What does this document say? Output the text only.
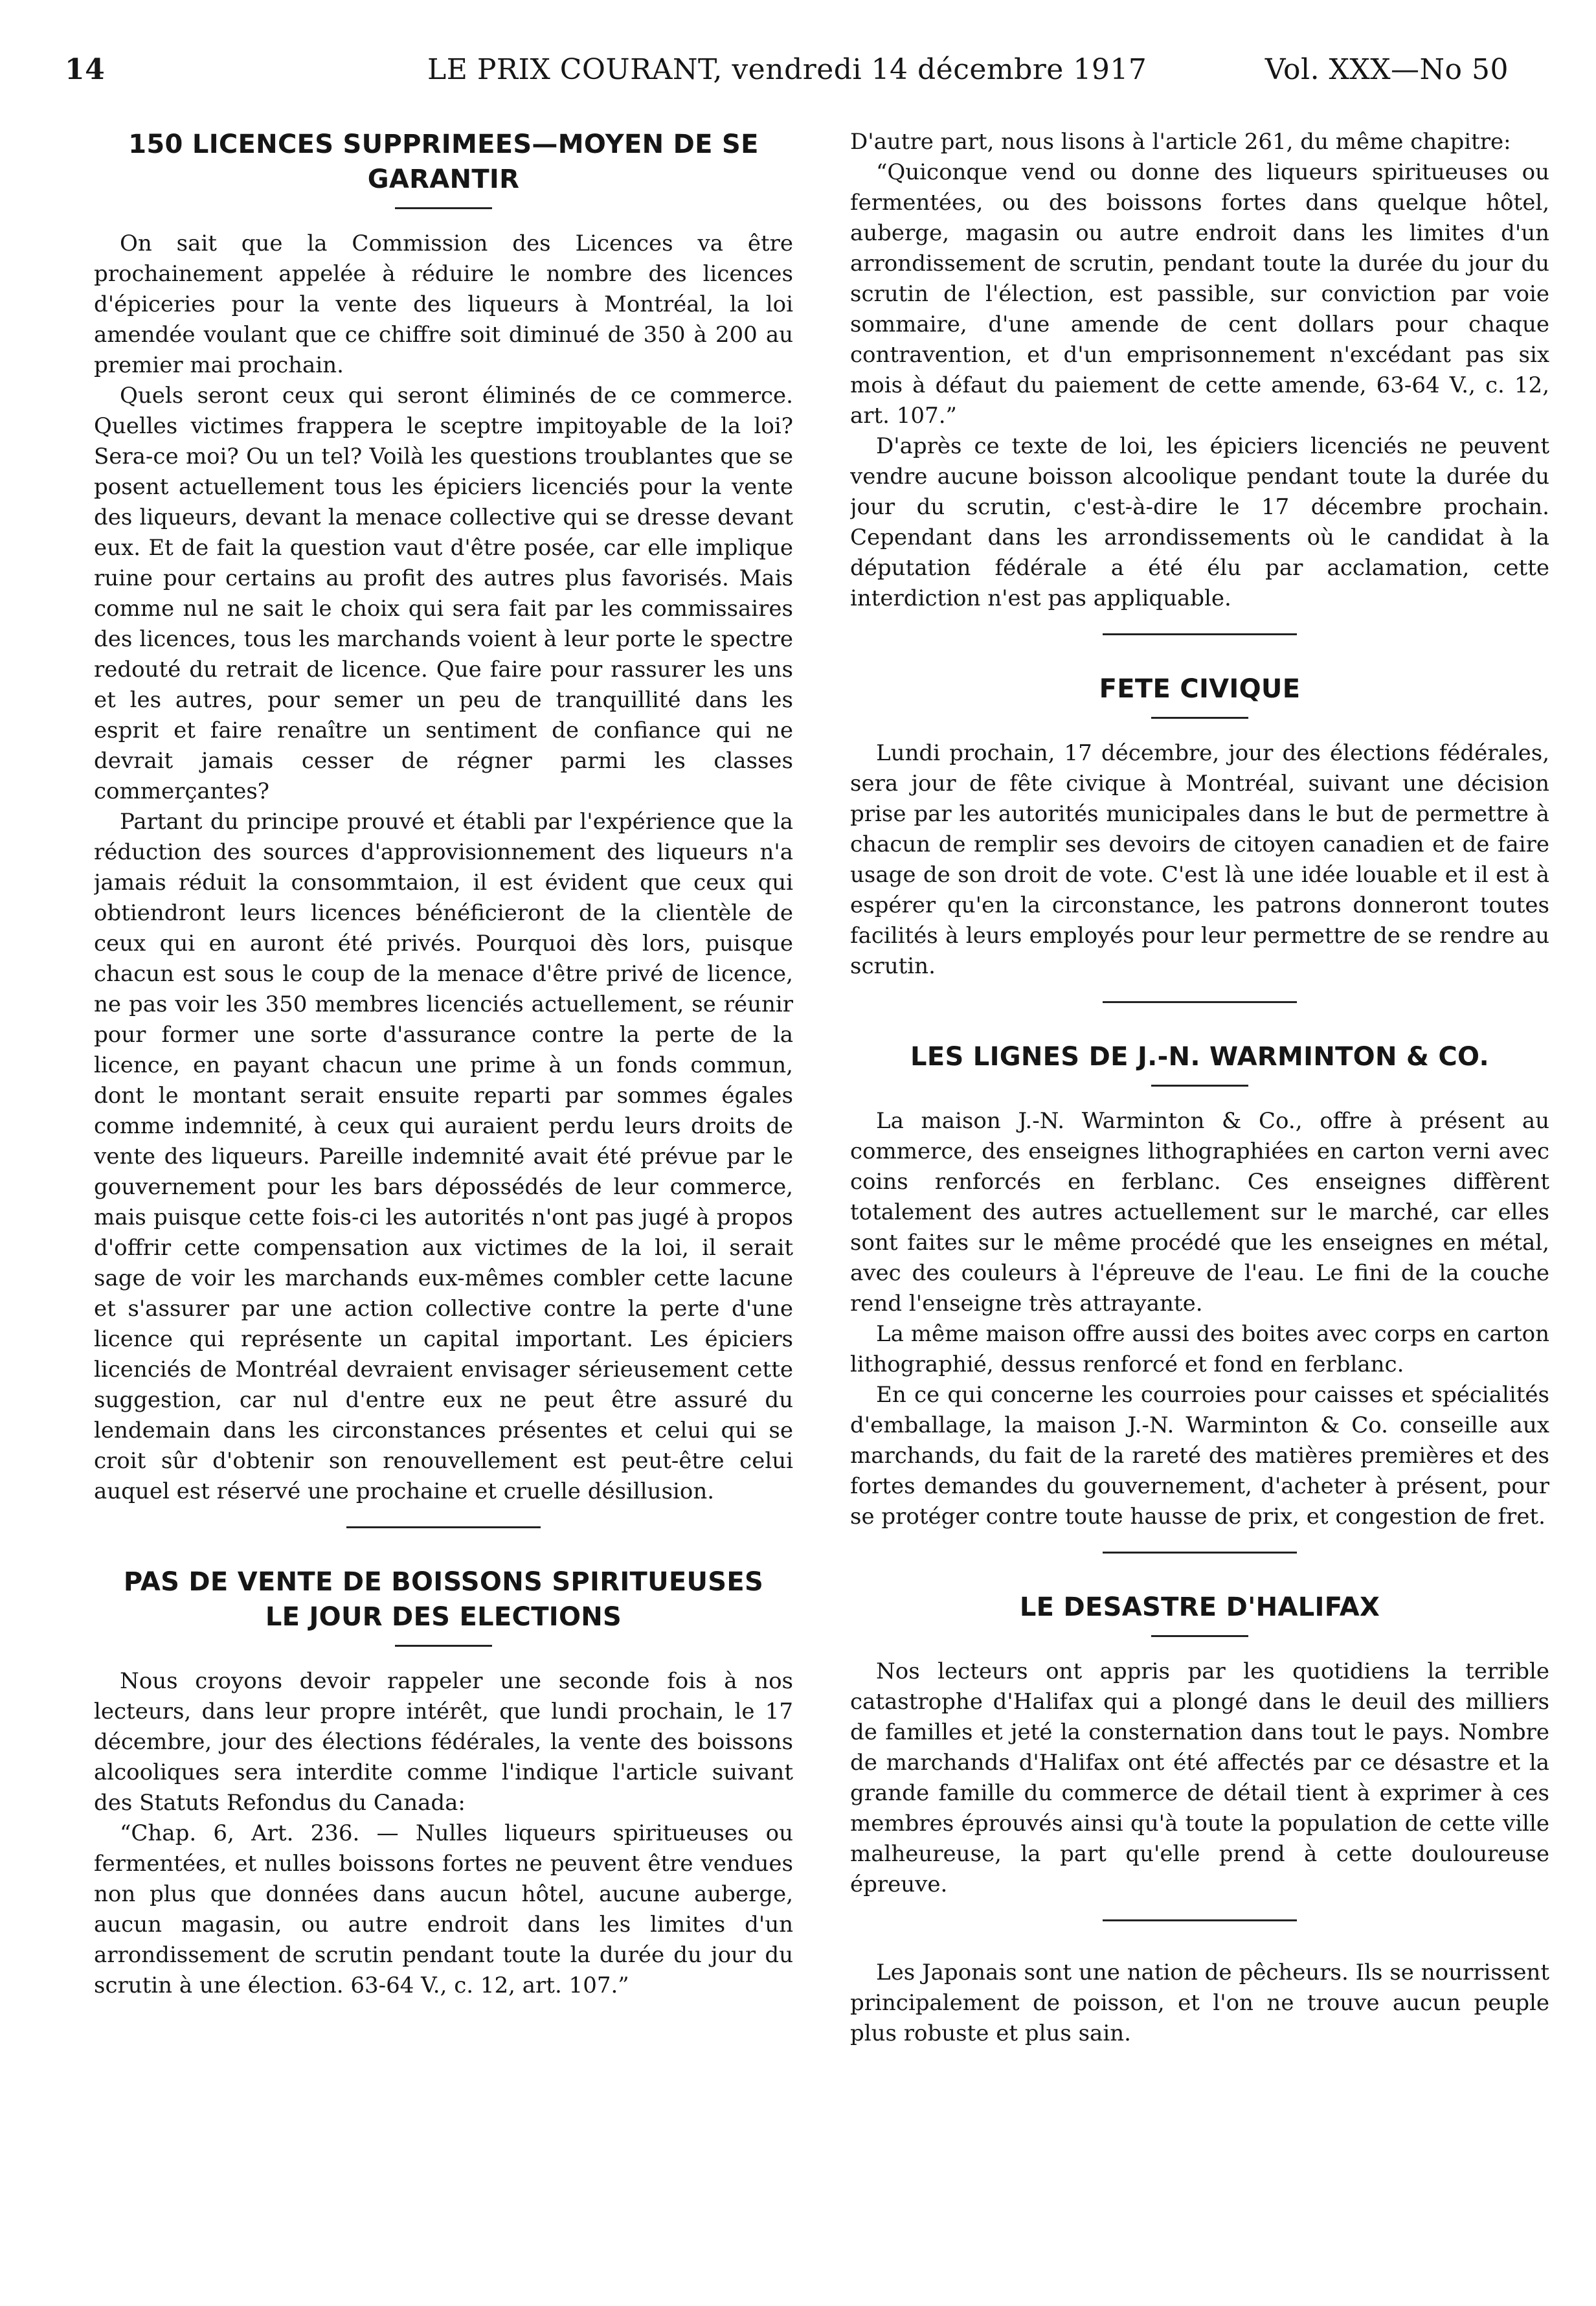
14	LE PRIX COURANT, vendredi 14 décembre 1917	Vol. XXX—No 50
150 LICENCES SUPPRIMEES—MOYEN DE SE
GARANTIR

On sait que la Commission des Licences va être prochainement appelée à réduire le nombre des licences d'épiceries pour la vente des liqueurs à Montréal, la loi amendée voulant que ce chiffre soit diminué de 350 à 200 au premier mai prochain.

Quels seront ceux qui seront éliminés de ce commerce. Quelles victimes frappera le sceptre impitoyable de la loi? Sera-ce moi? Ou un tel? Voilà les questions troublantes que se posent actuellement tous les épiciers licenciés pour la vente des liqueurs, devant la menace collective qui se dresse devant eux. Et de fait la question vaut d'être posée, car elle implique ruine pour certains au profit des autres plus favorisés. Mais comme nul ne sait le choix qui sera fait par les commissaires des licences, tous les marchands voient à leur porte le spectre redouté du retrait de licence. Que faire pour rassurer les uns et les autres, pour semer un peu de tranquillité dans les esprit et faire renaître un sentiment de confiance qui ne devrait jamais cesser de régner parmi les classes commerçantes?

Partant du principe prouvé et établi par l'expérience que la réduction des sources d'approvisionnement des liqueurs n'a jamais réduit la consommtaion, il est évident que ceux qui obtiendront leurs licences bénéficieront de la clientèle de ceux qui en auront été privés. Pourquoi dès lors, puisque chacun est sous le coup de la menace d'être privé de licence, ne pas voir les 350 membres licenciés actuellement, se réunir pour former une sorte d'assurance contre la perte de la licence, en payant chacun une prime à un fonds commun, dont le montant serait ensuite reparti par sommes égales comme indemnité, à ceux qui auraient perdu leurs droits de vente des liqueurs. Pareille indemnité avait été prévue par le gouvernement pour les bars dépossédés de leur commerce, mais puisque cette fois-ci les autorités n'ont pas jugé à propos d'offrir cette compensation aux victimes de la loi, il serait sage de voir les marchands eux-mêmes combler cette lacune et s'assurer par une action collective contre la perte d'une licence qui représente un capital important. Les épiciers licenciés de Montréal devraient envisager sérieusement cette suggestion, car nul d'entre eux ne peut être assuré du lendemain dans les circonstances présentes et celui qui se croit sûr d'obtenir son renouvellement est peut-être celui auquel est réservé une prochaine et cruelle désillusion.

PAS DE VENTE DE BOISSONS SPIRITUEUSES
LE JOUR DES ELECTIONS

Nous croyons devoir rappeler une seconde fois à nos lecteurs, dans leur propre intérêt, que lundi prochain, le 17 décembre, jour des élections fédérales, la vente des boissons alcooliques sera interdite comme l'indique l'article suivant des Statuts Refondus du Canada:

“Chap. 6, Art. 236. — Nulles liqueurs spiritueuses ou fermentées, et nulles boissons fortes ne peuvent être vendues non plus que données dans aucun hôtel, aucune auberge, aucun magasin, ou autre endroit dans les limites d'un arrondissement de scrutin pendant toute la durée du jour du scrutin à une élection. 63-64 V., c. 12, art. 107.”

D'autre part, nous lisons à l'article 261, du même chapitre:

“Quiconque vend ou donne des liqueurs spiritueuses ou fermentées, ou des boissons fortes dans quelque hôtel, auberge, magasin ou autre endroit dans les limites d'un arrondissement de scrutin, pendant toute la durée du jour du scrutin de l'élection, est passible, sur conviction par voie sommaire, d'une amende de cent dollars pour chaque contravention, et d'un emprisonnement n'excédant pas six mois à défaut du paiement de cette amende, 63-64 V., c. 12, art. 107.”

D'après ce texte de loi, les épiciers licenciés ne peuvent vendre aucune boisson alcoolique pendant toute la durée du jour du scrutin, c'est-à-dire le 17 décembre prochain. Cependant dans les arrondissements où le candidat à la députation fédérale a été élu par acclamation, cette interdiction n'est pas appliquable.

FETE CIVIQUE

Lundi prochain, 17 décembre, jour des élections fédérales, sera jour de fête civique à Montréal, suivant une décision prise par les autorités municipales dans le but de permettre à chacun de remplir ses devoirs de citoyen canadien et de faire usage de son droit de vote. C'est là une idée louable et il est à espérer qu'en la circonstance, les patrons donneront toutes facilités à leurs employés pour leur permettre de se rendre au scrutin.

LES LIGNES DE J.-N. WARMINTON & CO.

La maison J.-N. Warminton & Co., offre à présent au commerce, des enseignes lithographiées en carton verni avec coins renforcés en ferblanc. Ces enseignes diffèrent totalement des autres actuellement sur le marché, car elles sont faites sur le même procédé que les enseignes en métal, avec des couleurs à l'épreuve de l'eau. Le fini de la couche rend l'enseigne très attrayante.

La même maison offre aussi des boites avec corps en carton lithographié, dessus renforcé et fond en ferblanc.

En ce qui concerne les courroies pour caisses et spécialités d'emballage, la maison J.-N. Warminton & Co. conseille aux marchands, du fait de la rareté des matières premières et des fortes demandes du gouvernement, d'acheter à présent, pour se protéger contre toute hausse de prix, et congestion de fret.

LE DESASTRE D'HALIFAX

Nos lecteurs ont appris par les quotidiens la terrible catastrophe d'Halifax qui a plongé dans le deuil des milliers de familles et jeté la consternation dans tout le pays. Nombre de marchands d'Halifax ont été affectés par ce désastre et la grande famille du commerce de détail tient à exprimer à ces membres éprouvés ainsi qu'à toute la population de cette ville malheureuse, la part qu'elle prend à cette douloureuse épreuve.

Les Japonais sont une nation de pêcheurs. Ils se nourrissent principalement de poisson, et l'on ne trouve aucun peuple plus robuste et plus sain.
